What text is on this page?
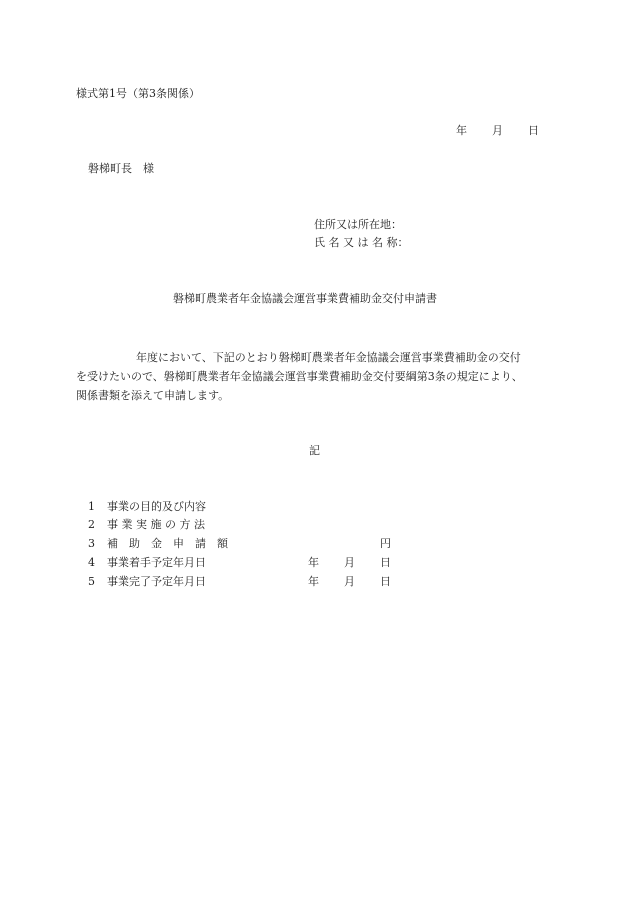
様式第1号（第3条関係）
年 月 日
磐梯町長　様
住所又は所在地：
氏 名 又 は 名 称：
磐梯町農業者年金協議会運営事業費補助金交付申請書
年度において、下記のとおり磐梯町農業者年金協議会運営事業費補助金の交付
を受けたいので、磐梯町農業者年金協議会運営事業費補助金交付要綱第3条の規定により、
関係書類を添えて申請します。
記
1 事業の目的及び内容
2 事 業 実 施 の 方 法
3 補　助　金　申　請　額	円
4 事業着手予定年月日	年 月 日
5 事業完了予定年月日	年 月 日
